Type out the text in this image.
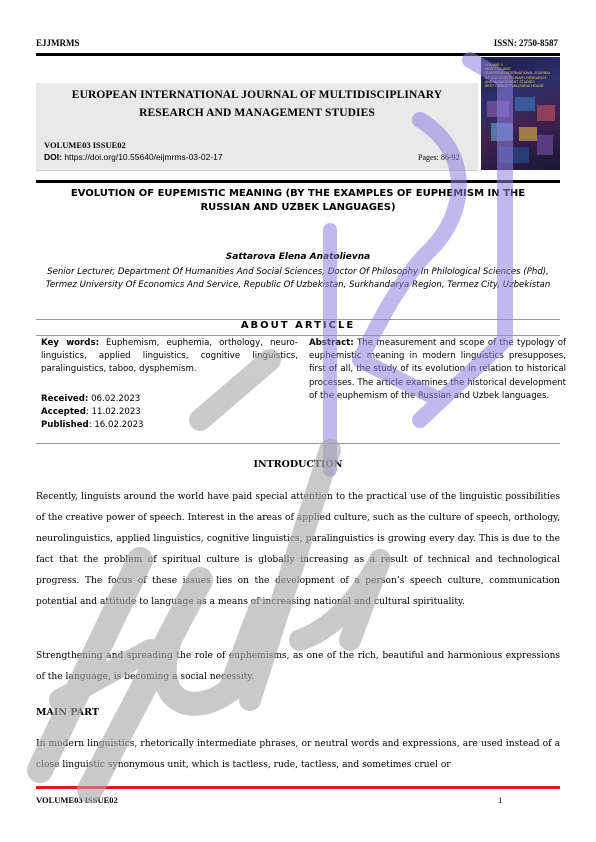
EJJMRMS	ISSN: 2750-8587
EUROPEAN INTERNATIONAL JOURNAL OF MULTIDISCIPLINARY
RESEARCH AND MANAGEMENT STUDIES
VOLUME 3
ISSN 2750-8587
EUROPEAN INTERNATIONAL JOURNAL
OF MULTIDISCIPLINARY RESEARCH
AND MANAGEMENT STUDIES
BEST CIENCE PUBLISHING HOUSE
VOLUME03 ISSUE02
DOI: https://doi.org/10.55640/eijmrms-03-02-17	Pages: 86-92
EVOLUTION OF EUPEMISTIC MEANING (BY THE EXAMPLES OF EUPHEMISM IN THE RUSSIAN AND UZBEK LANGUAGES)
Sattarova Elena Anatolievna
Senior Lecturer, Department Of Humanities And Social Sciences, Doctor Of Philosophy In Philological Sciences (Phd), Termez University Of Economics And Service, Republic Of Uzbekistan, Surkhandarya Region, Termez City, Uzbekistan
ABOUT ARTICLE
Key words: Euphemism, euphemia, orthology, neuro-linguistics, applied linguistics, cognitive linguistics, paralinguistics, taboo, dysphemism.
Received: 06.02.2023
Accepted: 11.02.2023
Published: 16.02.2023
Abstract: The measurement and scope of the typology of euphemistic meaning in modern linguistics presupposes, first of all, the study of its evolution in relation to historical processes. The article examines the historical development of the euphemism of the Russian and Uzbek languages.
INTRODUCTION
Recently, linguists around the world have paid special attention to the practical use of the linguistic possibilities of the creative power of speech. Interest in the areas of applied culture, such as the culture of speech, orthology, neurolinguistics, applied linguistics, cognitive linguistics, paralinguistics is growing every day. This is due to the fact that the problem of spiritual culture is globally increasing as a result of technical and technological progress. The focus of these issues lies on the development of a person’s speech culture, communication potential and attitude to language as a means of increasing national and cultural spirituality.
Strengthening and spreading the role of euphemisms, as one of the rich, beautiful and harmonious expressions of the language, is becoming a social necessity.
MAIN PART
In modern linguistics, rhetorically intermediate phrases, or neutral words and expressions, are used instead of a close linguistic synonymous unit, which is tactless, rude, tactless, and sometimes cruel or
VOLUME03 ISSUE02	1
